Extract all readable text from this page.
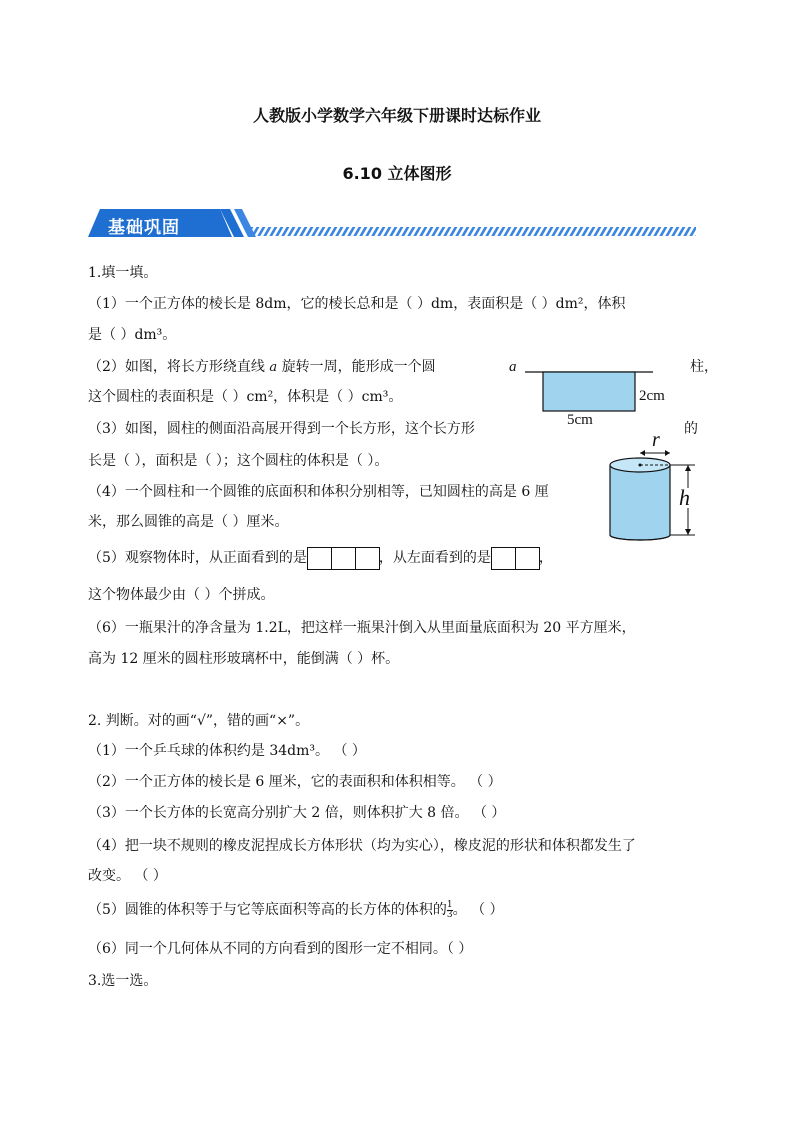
人教版小学数学六年级下册课时达标作业
6.10 立体图形
基础巩固
1.填一填。
（1）一个正方体的棱长是 8dm，它的棱长总和是（ ）dm，表面积是（ ）dm²，体积
是（ ）dm³。
（2）如图，将长方形绕直线 a 旋转一周，能形成一个圆	柱，
这个圆柱的表面积是（ ）cm²，体积是（ ）cm³。
a
2cm
5cm
（3）如图，圆柱的侧面沿高展开得到一个长方形，这个长方形	的
长是（ ），面积是（ ）；这个圆柱的体积是（ ）。
r
h
（4）一个圆柱和一个圆锥的底面积和体积分别相等，已知圆柱的高是 6 厘
米，那么圆锥的高是（ ）厘米。
（5）观察物体时，从正面看到的是	，从左面看到的是	，
这个物体最少由（ ）个拼成。
（6）一瓶果汁的净含量为 1.2L，把这样一瓶果汁倒入从里面量底面积为 20 平方厘米，
高为 12 厘米的圆柱形玻璃杯中，能倒满（ ）杯。
2. 判断。对的画“√”，错的画“×”。
（1）一个乒乓球的体积约是 34dm³。 （ ）
（2）一个正方体的棱长是 6 厘米，它的表面积和体积相等。 （ ）
（3）一个长方体的长宽高分别扩大 2 倍，则体积扩大 8 倍。 （ ）
（4）把一块不规则的橡皮泥捏成长方体形状（均为实心），橡皮泥的形状和体积都发生了
改变。 （ ）
（5）圆锥的体积等于与它等底面积等高的长方体的体积的 $\frac{1}{3}$ 。 （ ）
（6）同一个几何体从不同的方向看到的图形一定不相同。（ ）
3.选一选。
